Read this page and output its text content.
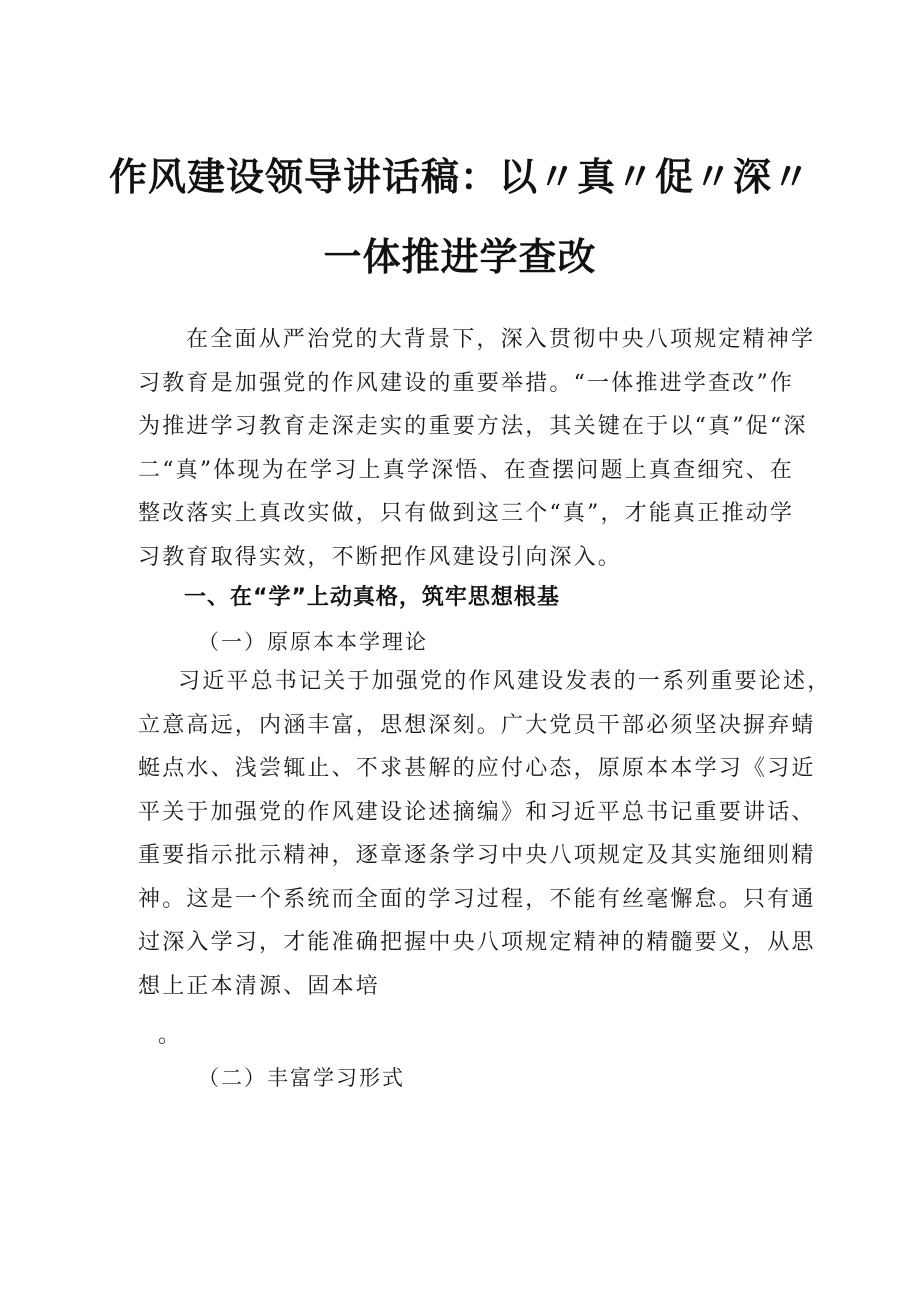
作风建设领导讲话稿：以〃真〃促〃深〃
一体推进学查改
在全面从严治党的大背景下，深入贯彻中央八项规定精神学
习教育是加强党的作风建设的重要举措。“一体推进学查改”作
为推进学习教育走深走实的重要方法，其关键在于以“真”促“深
二“真”体现为在学习上真学深悟、在查摆问题上真查细究、在
整改落实上真改实做，只有做到这三个“真”，才能真正推动学
习教育取得实效，不断把作风建设引向深入。
一、在“学”上动真格，筑牢思想根基
（一）原原本本学理论
习近平总书记关于加强党的作风建设发表的一系列重要论述，
立意高远，内涵丰富，思想深刻。广大党员干部必须坚决摒弃蜻
蜓点水、浅尝辄止、不求甚解的应付心态，原原本本学习《习近
平关于加强党的作风建设论述摘编》和习近平总书记重要讲话、
重要指示批示精神，逐章逐条学习中央八项规定及其实施细则精
神。这是一个系统而全面的学习过程，不能有丝毫懈怠。只有通
过深入学习，才能准确把握中央八项规定精神的精髓要义，从思
想上正本清源、固本培
。
（二）丰富学习形式
